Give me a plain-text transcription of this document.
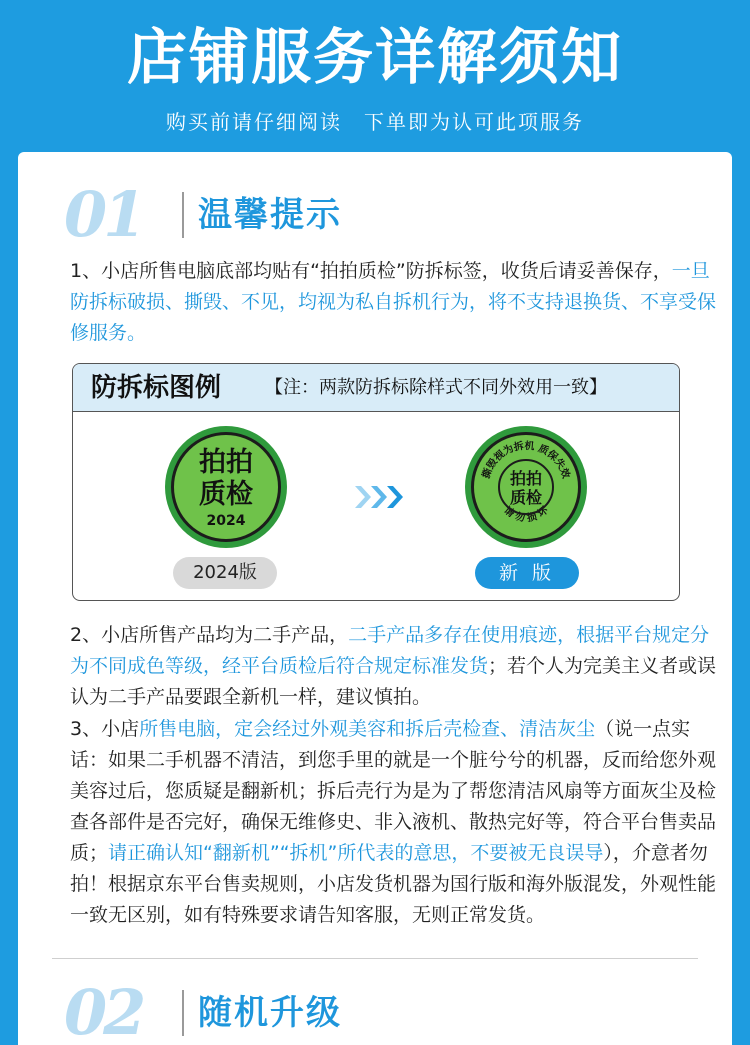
店铺服务详解须知
购买前请仔细阅读 下单即为认可此项服务
01 温馨提示
1、小店所售电脑底部均贴有“拍拍质检”防拆标签，收货后请妥善保存，一旦防拆标破损、撕毁、不见，均视为私自拆机行为，将不支持退换货、不享受保修服务。
防拆标图例 【注：两款防拆标除样式不同外效用一致】
拍拍
质检
2024
撕毁视为拆机 质保失效
请 勿 损 坏
拍拍
质检
2024版	新 版
2、小店所售产品均为二手产品，二手产品多存在使用痕迹，根据平台规定分为不同成色等级，经平台质检后符合规定标准发货；若个人为完美主义者或误认为二手产品要跟全新机一样，建议慎拍。
3、小店所售电脑，定会经过外观美容和拆后壳检查、清洁灰尘（说一点实话：如果二手机器不清洁，到您手里的就是一个脏兮兮的机器，反而给您外观美容过后，您质疑是翻新机；拆后壳行为是为了帮您清洁风扇等方面灰尘及检查各部件是否完好，确保无维修史、非入液机、散热完好等，符合平台售卖品质；请正确认知“翻新机”“拆机”所代表的意思，不要被无良误导），介意者勿拍！根据京东平台售卖规则，小店发货机器为国行版和海外版混发，外观性能一致无区别，如有特殊要求请告知客服，无则正常发货。
02 随机升级
